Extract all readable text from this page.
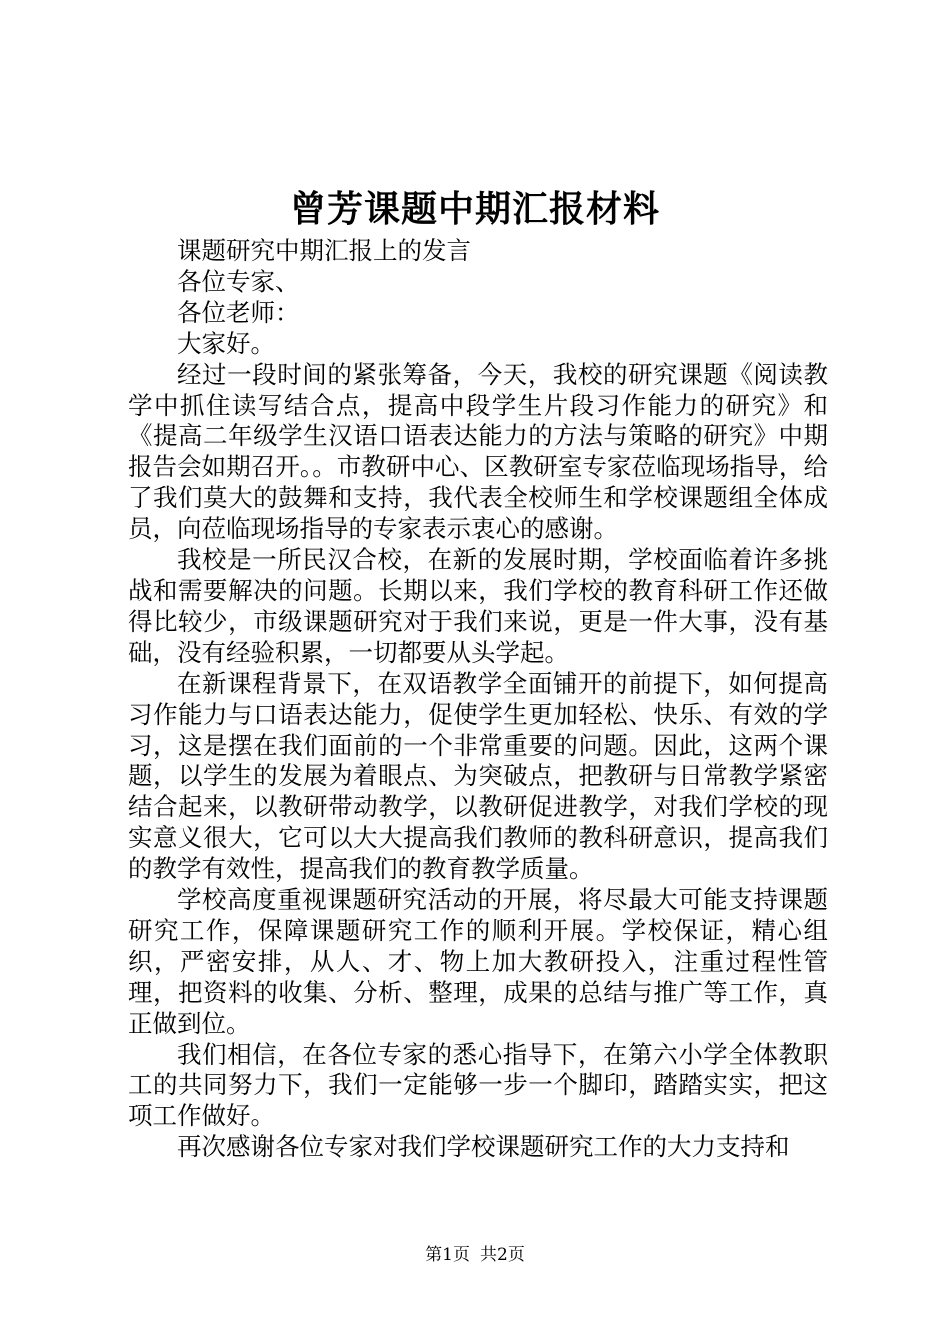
曾芳课题中期汇报材料

课题研究中期汇报上的发言

各位专家、

各位老师：

大家好。

经过一段时间的紧张筹备，今天，我校的研究课题《阅读教学中抓住读写结合点，提高中段学生片段习作能力的研究》和《提高二年级学生汉语口语表达能力的方法与策略的研究》中期报告会如期召开。。市教研中心、区教研室专家莅临现场指导，给了我们莫大的鼓舞和支持，我代表全校师生和学校课题组全体成员，向莅临现场指导的专家表示衷心的感谢。

我校是一所民汉合校，在新的发展时期，学校面临着许多挑战和需要解决的问题。长期以来，我们学校的教育科研工作还做得比较少，市级课题研究对于我们来说，更是一件大事，没有基础，没有经验积累，一切都要从头学起。

在新课程背景下，在双语教学全面铺开的前提下，如何提高习作能力与口语表达能力，促使学生更加轻松、快乐、有效的学习，这是摆在我们面前的一个非常重要的问题。因此，这两个课题，以学生的发展为着眼点、为突破点，把教研与日常教学紧密结合起来，以教研带动教学，以教研促进教学，对我们学校的现实意义很大，它可以大大提高我们教师的教科研意识，提高我们的教学有效性，提高我们的教育教学质量。

学校高度重视课题研究活动的开展，将尽最大可能支持课题研究工作，保障课题研究工作的顺利开展。学校保证，精心组织，严密安排，从人、才、物上加大教研投入，注重过程性管理，把资料的收集、分析、整理，成果的总结与推广等工作，真正做到位。

我们相信，在各位专家的悉心指导下，在第六小学全体教职工的共同努力下，我们一定能够一步一个脚印，踏踏实实，把这项工作做好。

再次感谢各位专家对我们学校课题研究工作的大力支持和

第1页 共2页
